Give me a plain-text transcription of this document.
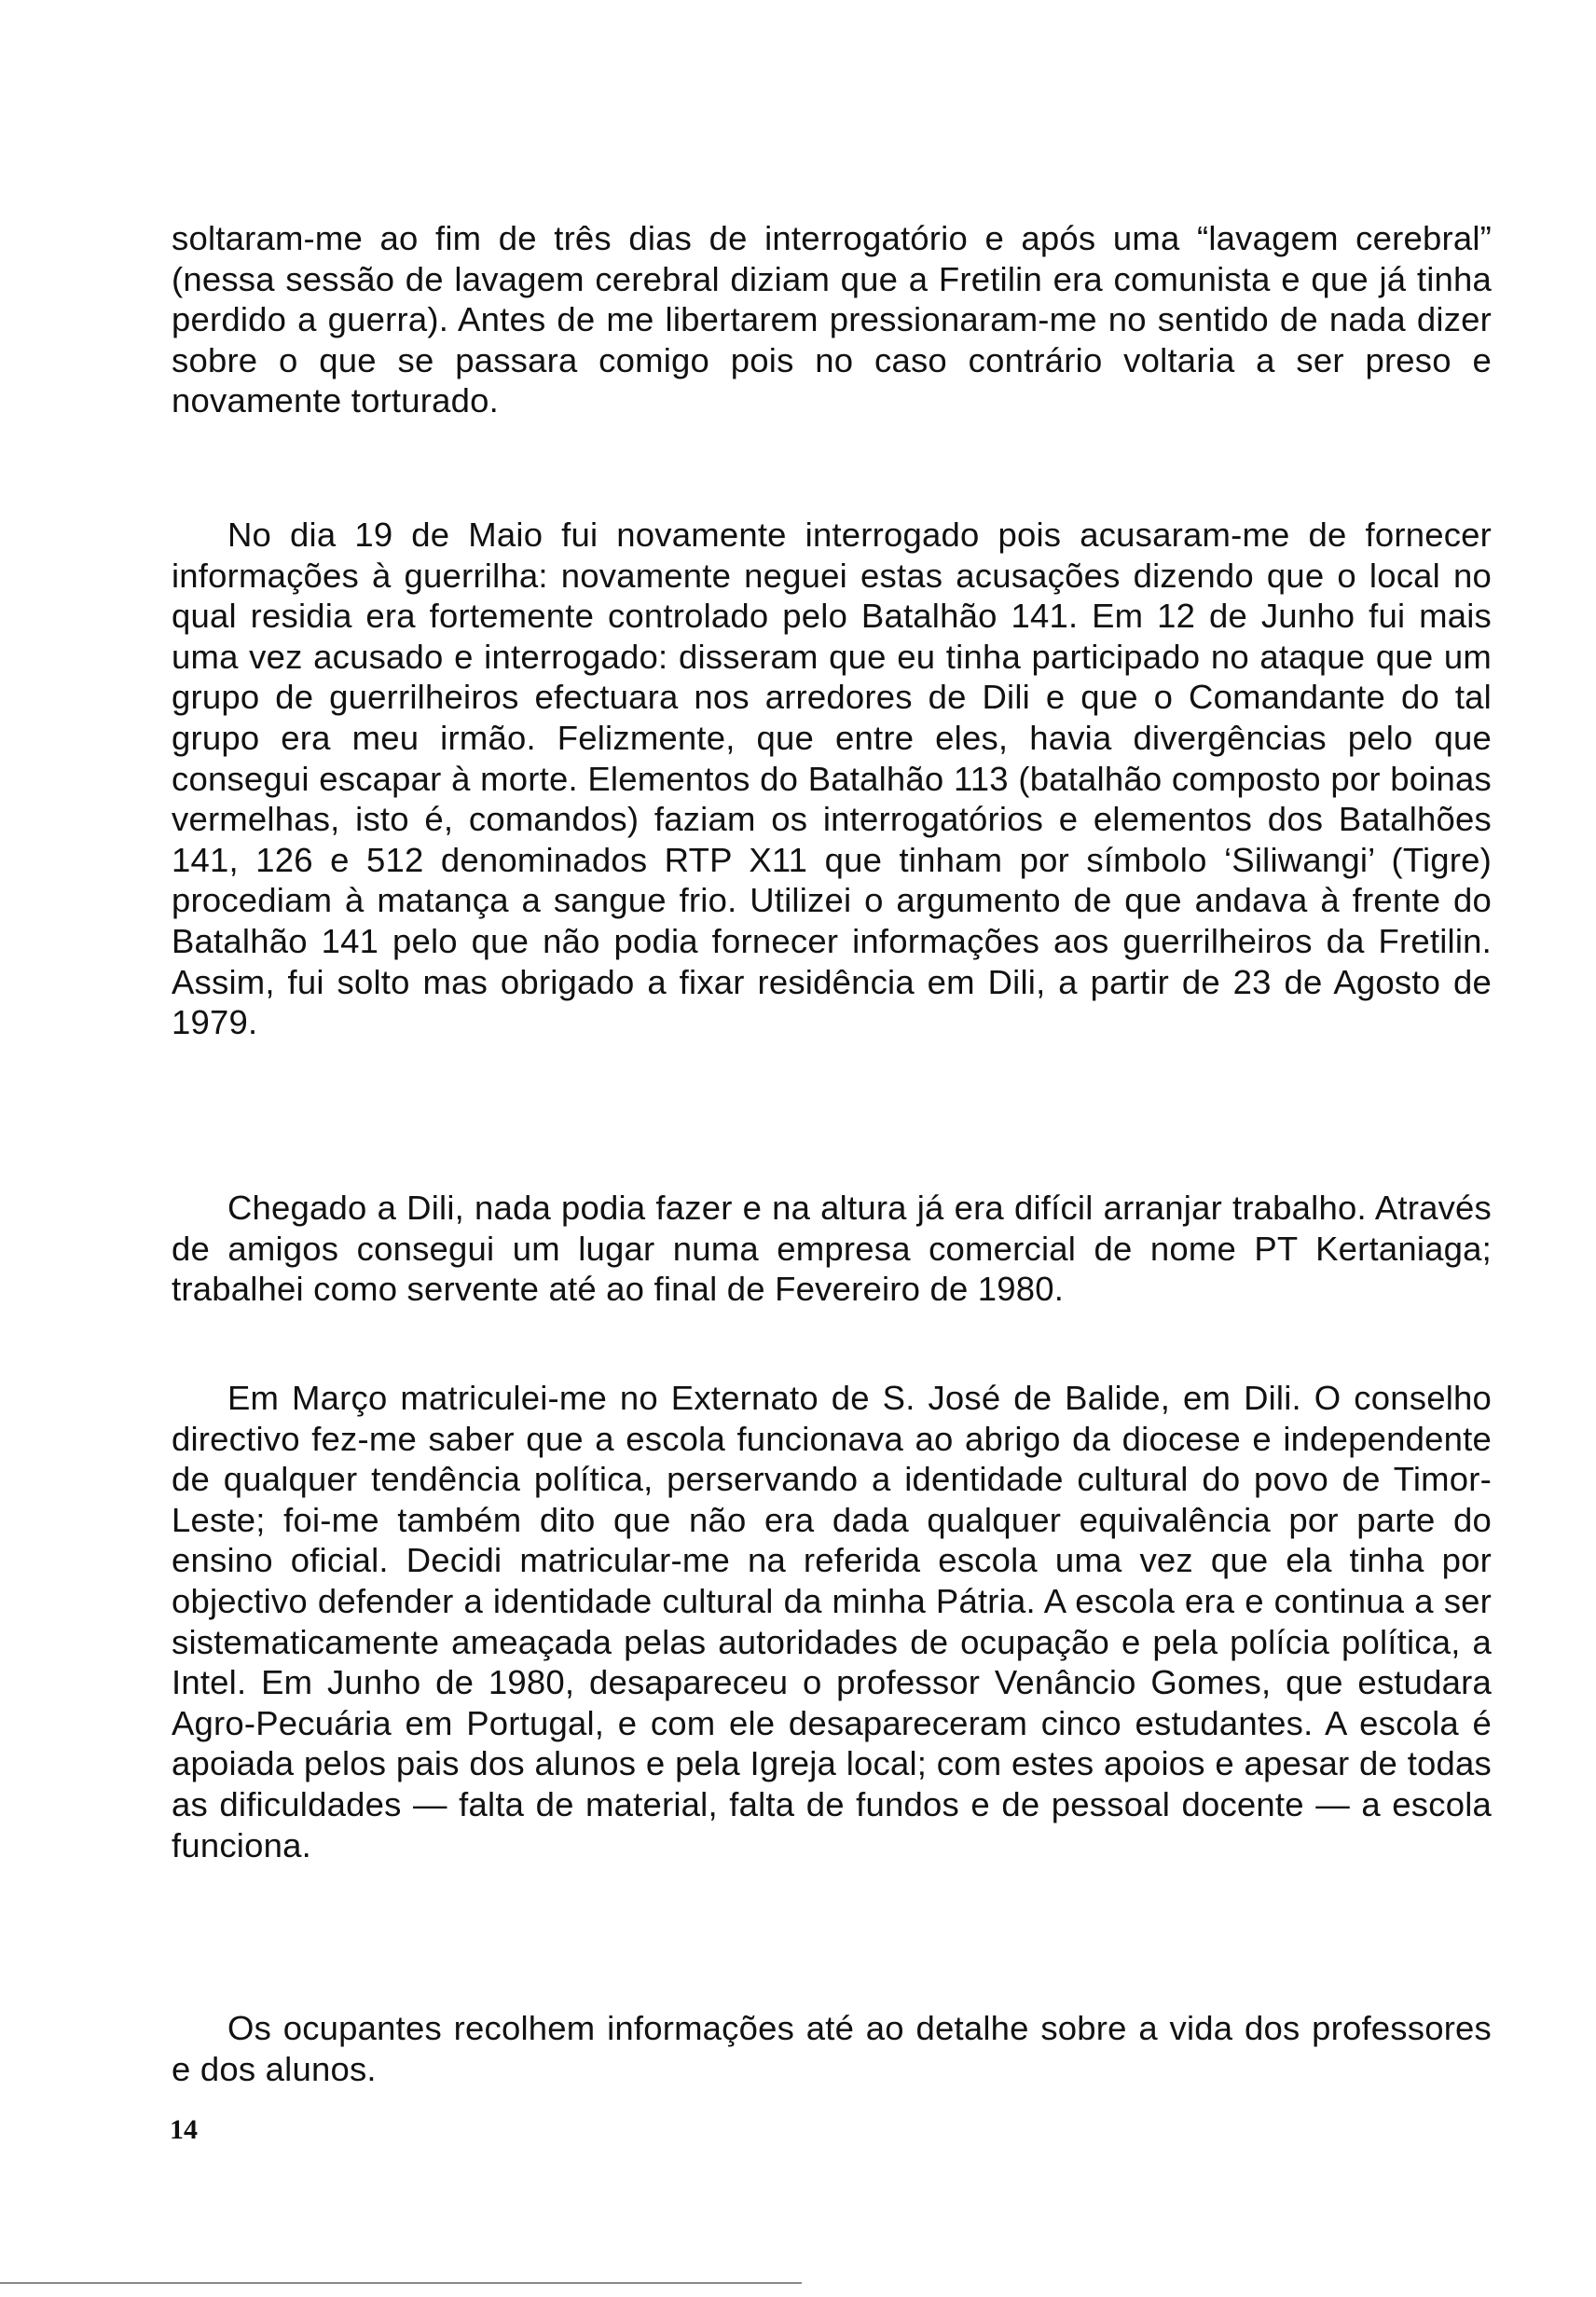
soltaram-me ao fim de três dias de interrogatório e após uma “lavagem cerebral” (nessa sessão de lavagem cerebral diziam que a Fretilin era comunista e que já tinha perdido a guerra). Antes de me libertarem pressionaram-me no sentido de nada dizer sobre o que se passara comigo pois no caso contrário voltaria a ser preso e novamente torturado.

No dia 19 de Maio fui novamente interrogado pois acusaram-me de fornecer informações à guerrilha: novamente neguei estas acusações dizendo que o local no qual residia era fortemente controlado pelo Batalhão 141. Em 12 de Junho fui mais uma vez acusado e interrogado: disseram que eu tinha participado no ataque que um grupo de guerrilheiros efectuara nos arredores de Dili e que o Comandante do tal grupo era meu irmão. Felizmente, que entre eles, havia divergências pelo que consegui escapar à morte. Elementos do Batalhão 113 (batalhão composto por boinas vermelhas, isto é, comandos) faziam os interrogatórios e elementos dos Batalhões 141, 126 e 512 denominados RTP X11 que tinham por símbolo ‘Siliwangi’ (Tigre) procediam à matança a sangue frio. Utilizei o argumento de que andava à frente do Batalhão 141 pelo que não podia fornecer informações aos guerrilheiros da Fretilin. Assim, fui solto mas obrigado a fixar residência em Dili, a partir de 23 de Agosto de 1979.

Chegado a Dili, nada podia fazer e na altura já era difícil arranjar trabalho. Através de amigos consegui um lugar numa empresa comercial de nome PT Kertaniaga; trabalhei como servente até ao final de Fevereiro de 1980.

Em Março matriculei-me no Externato de S. José de Balide, em Dili. O conselho directivo fez-me saber que a escola funcionava ao abrigo da diocese e independente de qualquer tendência política, perservando a identidade cultural do povo de Timor-Leste; foi-me também dito que não era dada qualquer equivalência por parte do ensino oficial. Decidi matricular-me na referida escola uma vez que ela tinha por objectivo defender a identidade cultural da minha Pátria. A escola era e continua a ser sistematicamente ameaçada pelas autoridades de ocupação e pela polícia política, a Intel. Em Junho de 1980, desapareceu o professor Venâncio Gomes, que estudara Agro-Pecuária em Portugal, e com ele desapareceram cinco estudantes. A escola é apoiada pelos pais dos alunos e pela Igreja local; com estes apoios e apesar de todas as dificuldades — falta de material, falta de fundos e de pessoal docente — a escola funciona.

Os ocupantes recolhem informações até ao detalhe sobre a vida dos professores e dos alunos.

14
